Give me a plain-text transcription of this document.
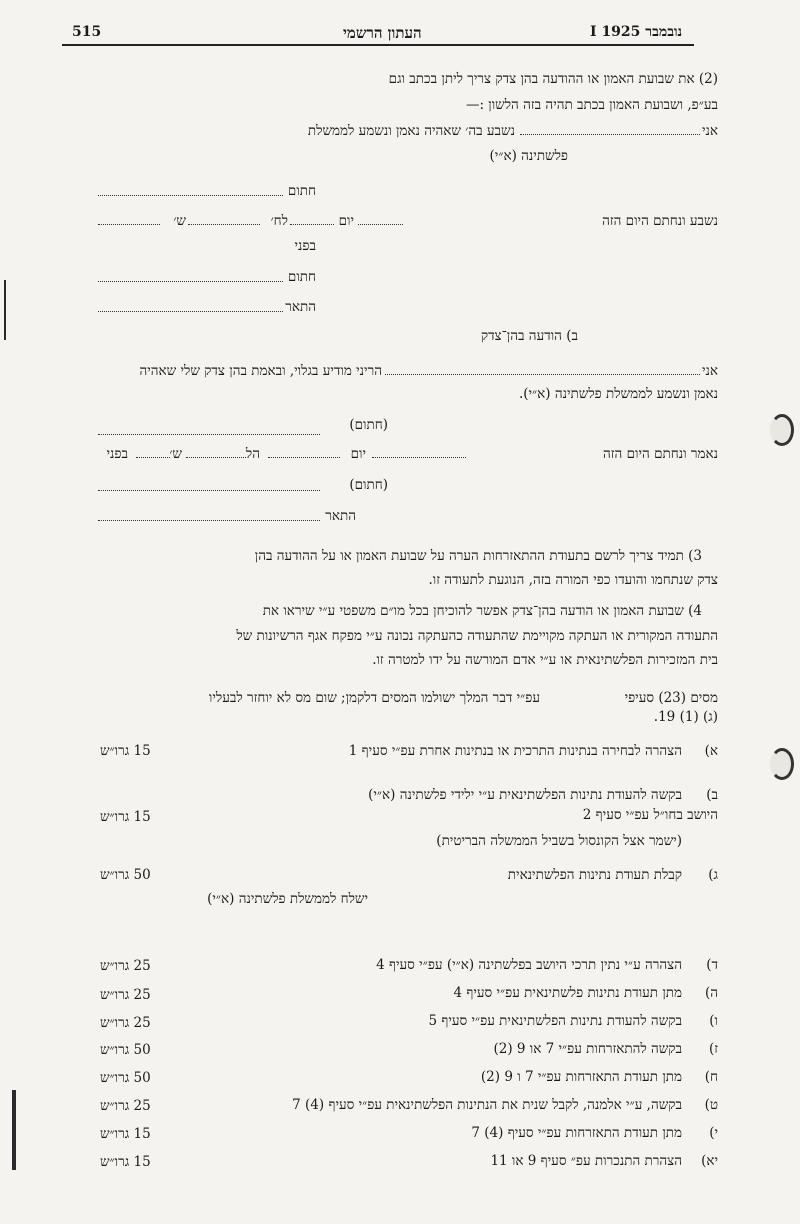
515	העתון הרשמי	I נובמבר 1925
(2) את שבועת האמון או ההודעה בהן צדק צריך ליתן בכתב וגם
בע״פ, ושבועת האמון בכתב תהיה בזה הלשון :—
אני
נשבע בה׳ שאהיה נאמן ונשמע לממשלת
פלשתינה (א״י)
חתום
נשבע ונחתם היום הזה
יום
לח׳
ש׳
בפני
חתום
התאר
ב) הודעה בהן־צדק
אני
הריני מודיע בגלוי, ובאמת בהן צדק שלי שאהיה
נאמן ונשמע לממשלת פלשתינה (א״י).
(חתום)
נאמר ונחתם היום הזה
יום
הל
ש׳
בפני
(חתום)
התאר
3) תמיד צריך לרשם בתעודת ההתאזרחות הערה על שבועת האמון או על ההודעה בהן
צדק שנתחמו והועדו כפי המורה בזה, הנוגעת לתעודה זו.
4) שבועת האמון או הודעה בהן־צדק אפשר להוכיחן בכל מו״ם משפטי ע״י שיראו את
התעודה המקורית או העתקה מקויימת שהתעודה כהעתקה נכונה ע״י מפקח אגף הרשיונות של
בית המזכירות הפלשתינאית או ע״י אדם המורשה על ידו למטרה זו.
מסים (23) סעיפי
עפ״י דבר המלך ישולמו המסים דלקמן; שום מס לא יוחזר לבעליו
(ג) (1) 19.
א)
הצהרה לבחירה בנתינות התרכית או בנתינות אחרת עפ״י סעיף 1
15 גרו״ש
ב)
בקשה להעודת נתינות הפלשתינאית ע״י ילידי פלשתינה (א״י)
היושב בחו״ל עפ״י סעיף 2
(ישמר אצל הקונסול בשביל הממשלה הבריטית)
15 גרו״ש
ג)
קבלת תעודת נתינות הפלשתינאית
ישלח לממשלת פלשתינה (א״י)
50 גרו״ש
ד)
הצהרה ע״י נתין תרכי היושב בפלשתינה (א״י) עפ״י סעיף 4
25 גרו״ש
ה)
מתן תעודת נתינות פלשתינאית עפ״י סעיף 4
25 גרו״ש
ו)
בקשה להעודת נתינות הפלשתינאית עפ״י סעיף 5
25 גרו״ש
ז)
בקשה להתאזרחות עפ״י 7 או 9 (2)
50 גרו״ש
ח)
מתן תעודת התאזרחות עפ״י 7 ו 9 (2)
50 גרו״ש
ט)
בקשה, ע״י אלמנה, לקבל שנית את הנתינות הפלשתינאית עפ״י סעיף (4) 7
25 גרו״ש
י)
מתן תעודת התאזרחות עפ״י סעיף (4) 7
15 גרו״ש
יא)
הצהרת התנכרות עפ״ סעיף 9 או 11
15 גרו״ש
